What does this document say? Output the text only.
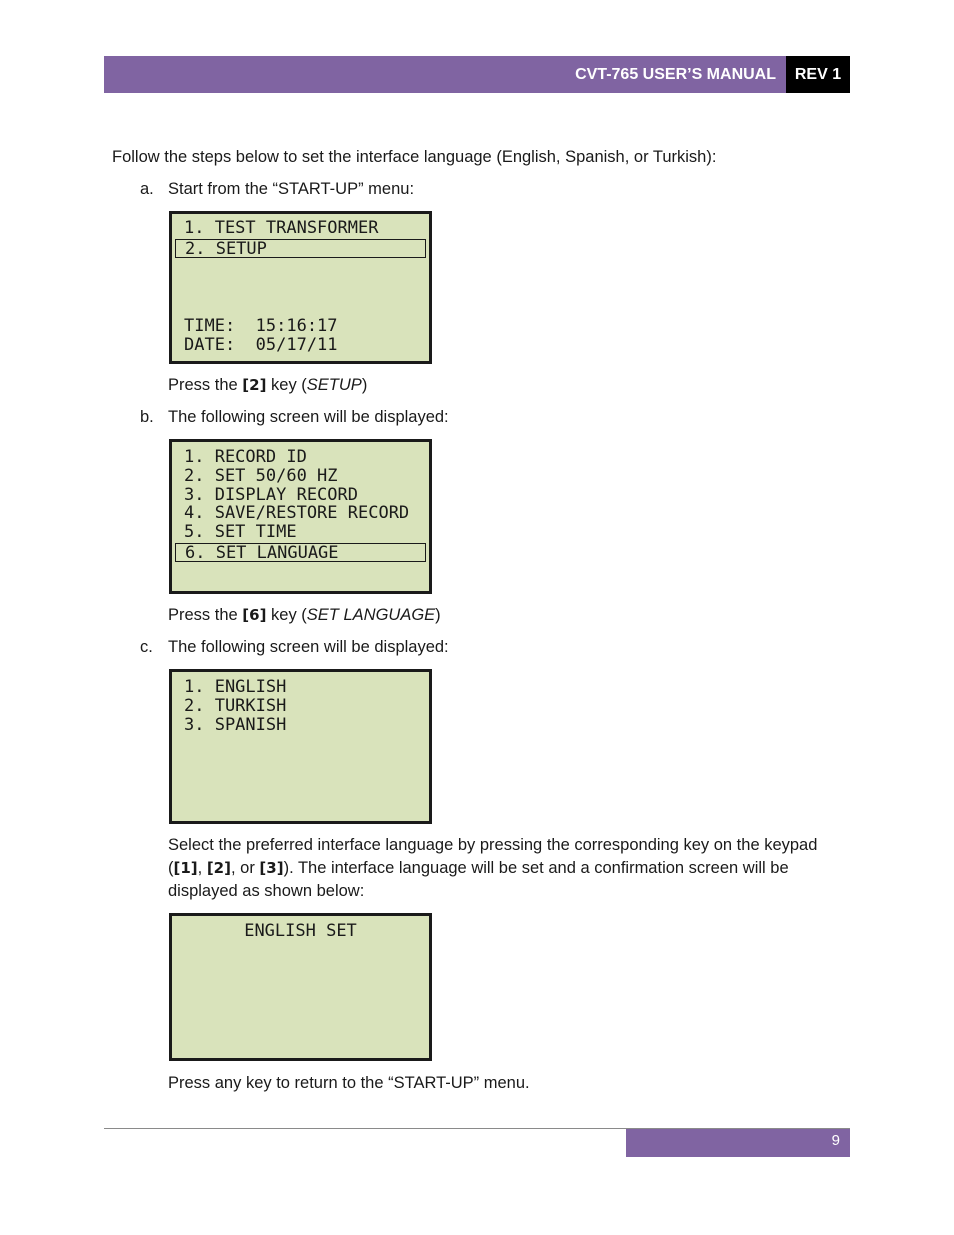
CVT-765 USER’S MANUAL	REV 1
Follow the steps below to set the interface language (English, Spanish, or Turkish):
a. Start from the “START-UP” menu:
1. TEST TRANSFORMER
2. SETUP
TIME:  15:16:17
DATE:  05/17/11
Press the [2] key (SETUP)
b. The following screen will be displayed:
1. RECORD ID
2. SET 50/60 HZ
3. DISPLAY RECORD
4. SAVE/RESTORE RECORD
5. SET TIME
6. SET LANGUAGE
Press the [6] key (SET LANGUAGE)
c. The following screen will be displayed:
1. ENGLISH
2. TURKISH
3. SPANISH
Select the preferred interface language by pressing the corresponding key on the keypad ([1], [2], or [3]). The interface language will be set and a confirmation screen will be displayed as shown below:
ENGLISH SET
Press any key to return to the “START-UP” menu.
9
